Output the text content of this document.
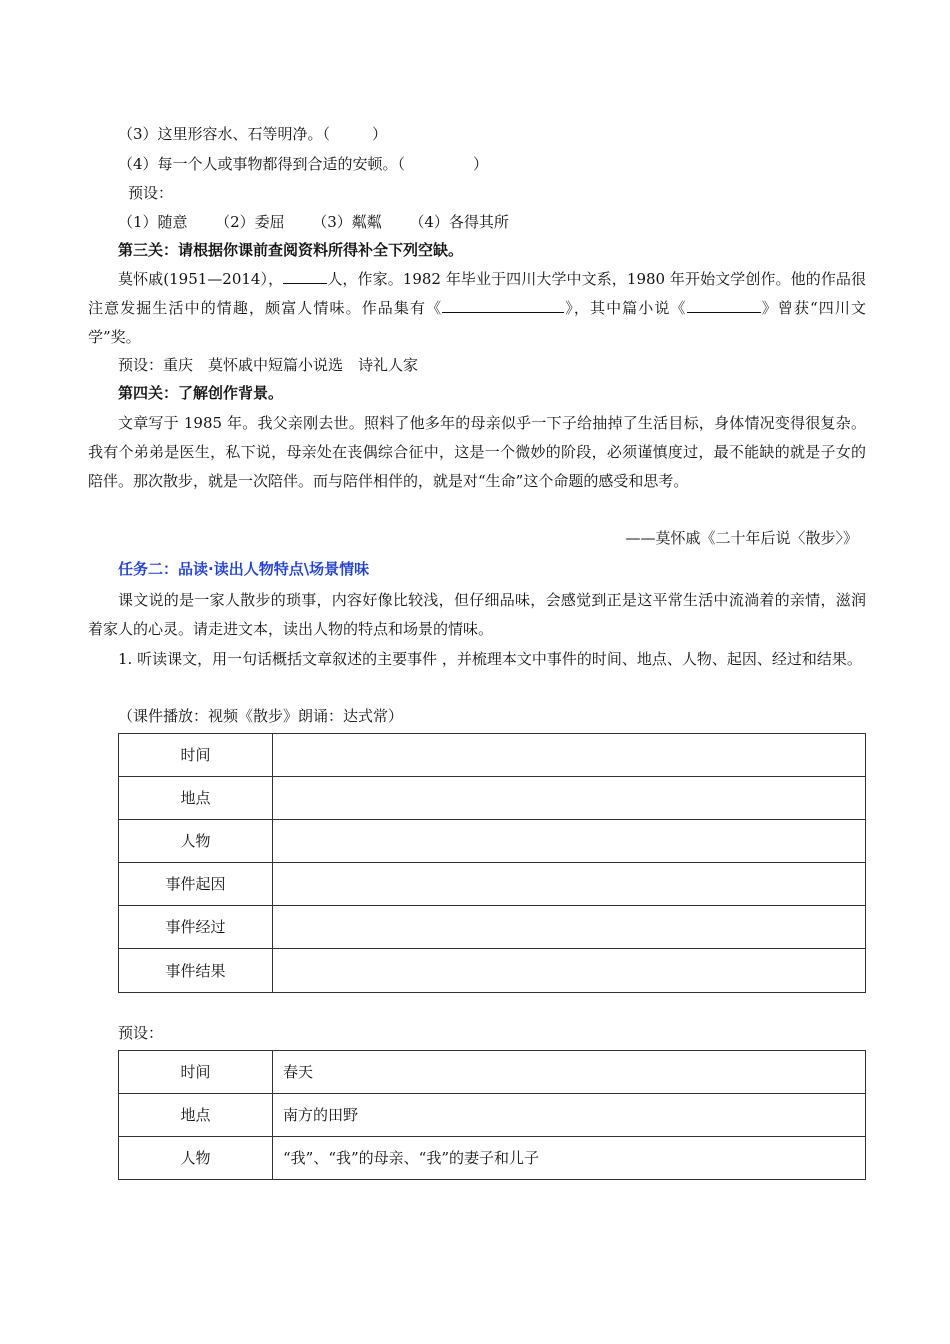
（3）这里形容水、石等明净。（	）
（4）每一个人或事物都得到合适的安顿。（	）
预设：
（1）随意 （2）委屈 （3）粼粼 （4）各得其所
第三关：请根据你课前查阅资料所得补全下列空缺。
莫怀戚(1951—2014），	人，作家。1982 年毕业于四川大学中文系，1980 年开始文学创作。他的作品很注意发掘生活中的情趣，颇富人情味。作品集有《	》，其中篇小说《	》曾获“四川文学”奖。
预设：重庆　莫怀戚中短篇小说选　诗礼人家
第四关：了解创作背景。
文章写于 1985 年。我父亲刚去世。照料了他多年的母亲似乎一下子给抽掉了生活目标，身体情况变得很复杂。我有个弟弟是医生，私下说，母亲处在丧偶综合征中，这是一个微妙的阶段，必须谨慎度过，最不能缺的就是子女的陪伴。那次散步，就是一次陪伴。而与陪伴相伴的，就是对“生命”这个命题的感受和思考。
——莫怀戚《二十年后说〈散步〉》
任务二：品读·读出人物特点\场景情味
课文说的是一家人散步的琐事，内容好像比较浅，但仔细品味，会感觉到正是这平常生活中流淌着的亲情，滋润着家人的心灵。请走进文本，读出人物的特点和场景的情味。
1. 听读课文，用一句话概括文章叙述的主要事件 ，并梳理本文中事件的时间、地点、人物、起因、经过和结果。
（课件播放：视频《散步》朗诵：达式常）
时间	
地点	
人物	
事件起因	
事件经过	
事件结果	
预设：
时间	春天
地点	南方的田野
人物	“我”、“我”的母亲、“我”的妻子和儿子
